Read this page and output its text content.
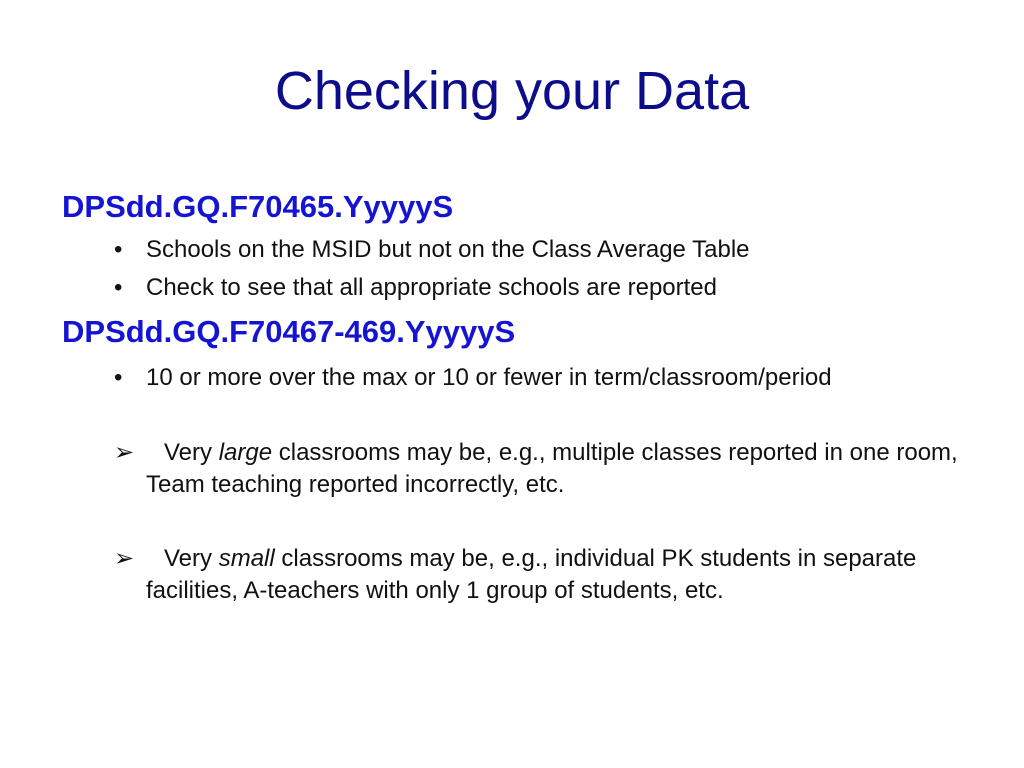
Checking your Data
DPSdd.GQ.F70465.YyyyyS
• Schools on the MSID but not on the Class Average Table
• Check to see that all appropriate schools are reported
DPSdd.GQ.F70467-469.YyyyyS
• 10 or more over the max or 10 or fewer in term/classroom/period
➢	Very large classrooms may be, e.g., multiple classes reported in one room, Team teaching reported incorrectly, etc.
➢	Very small classrooms may be, e.g., individual PK students in separate facilities, A-teachers with only 1 group of students, etc.
